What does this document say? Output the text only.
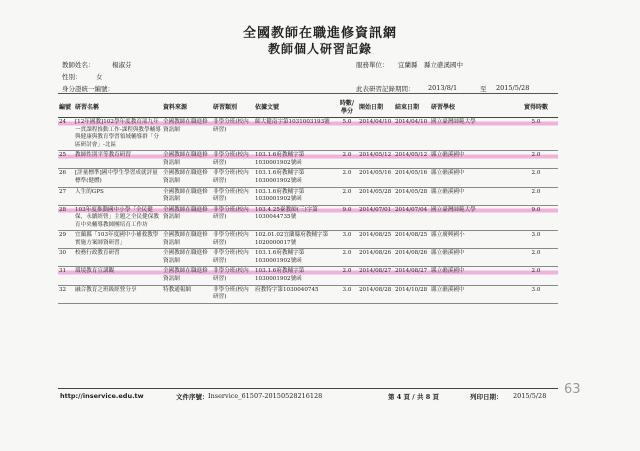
全國教師在職進修資訊網
教師個人研習記錄
教師姓名：	楊淑芬
性別： 女
身分證統一編號：
服務單位： 宜蘭縣　縣立礁溪國中
此表研習記錄期間： 2013/8/1	至 2015/5/28
編號	研習名稱	資料來源	研習類別	依據文號	時數/學分	開始日期	結束日期	研習學校	實得時數
24	[12年國教]102學年度教育部九年一貫課程推動工作-課程與教學輔導與健康與教育學習領域輔導群「分區研討會」-北區	全國教師在職進修資訊網	非學分班(校內研習)	師大健南字第1031003193號	5.0	2014/04/10	2014/04/10	國立臺灣師範大學	5.0
25	教師性別平等教育研習	全國教師在職進修資訊網	非學分班(校內研習)	103.1.6府教輔字第1030001902號函	2.0	2014/05/12	2014/05/12	縣立礁溪國中	2.0
26	[評量標準]國中學生學習成就評量標準(健體)	全國教師在職進修資訊網	非學分班(校內研習)	103.1.6府教輔字第1030001902號函	2.0	2014/05/16	2014/05/16	縣立礁溪國中	2.0
27	人生的GPS	全國教師在職進修資訊網	非學分班(校內研習)	103.1.6府教輔字第1030001902號函	2.0	2014/05/28	2014/05/28	縣立礁溪國中	2.0
28	103年度推動國中小學「全民健保，永續經營」主題之全民健保教育中央輔導教師團培育工作坊	全國教師在職進修資訊網	非學分班(校內研習)	103.4.25臺教師(三)字第1030044735號	9.0	2014/07/01	2014/07/04	國立臺灣師範大學	9.0
29	宜蘭縣「103年度國中小補救教學實施方案師資研習」	全國教師在職進修資訊網	非學分班(校內研習)	102.01.02宜蘭縣府教輔字第1020000017號	3.0	2014/08/25	2014/08/25	縣立廣興國小	3.0
30	校務行政教育研習	全國教師在職進修資訊網	非學分班(校內研習)	103.1.6府教輔字第1030001902號函	2.0	2014/08/26	2014/08/26	縣立礁溪國中	2.0
31	環境教育宣講觀	全國教師在職進修資訊網	非學分班(校內研習)	103.1.6府教輔字第1030001902號函	2.0	2014/08/27	2014/08/27	縣立礁溪國中	2.0
32	融合教育之班級經營分享	特教通報網	非學分班(校內研習)	府教特字第1030040745	3.0	2014/08/28	2014/10/28	縣立礁溪國中	3.0
http://inservice.edu.tw	文件序號： Inservice_61507-20150528216128	第 4 頁 / 共 8 頁	列印日期： 2015/5/28 63
